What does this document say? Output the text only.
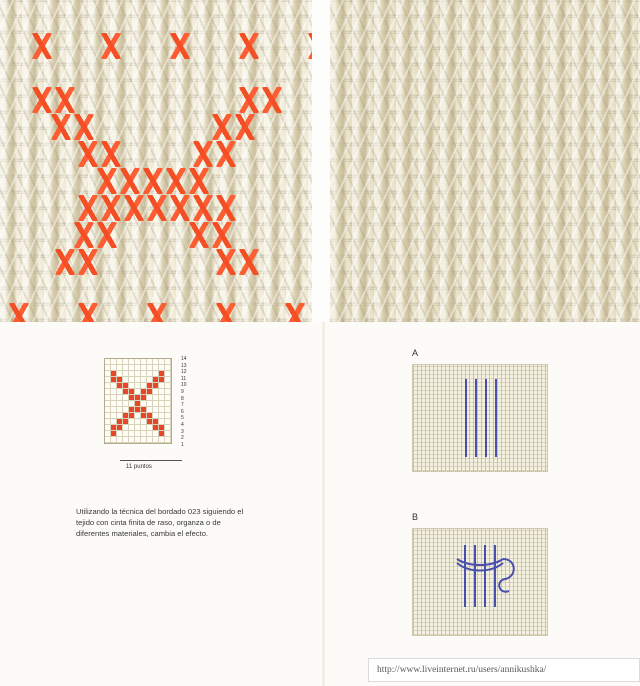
14
13
12
11
10
9
8
7
6
5
4
3
2
1
11 puntos

Utilizando la técnica del bordado 023 siguiendo el tejido con cinta finita de raso, organza o de diferentes materiales, cambia el efecto.

A
B
http://www.liveinternet.ru/users/annikushka/
